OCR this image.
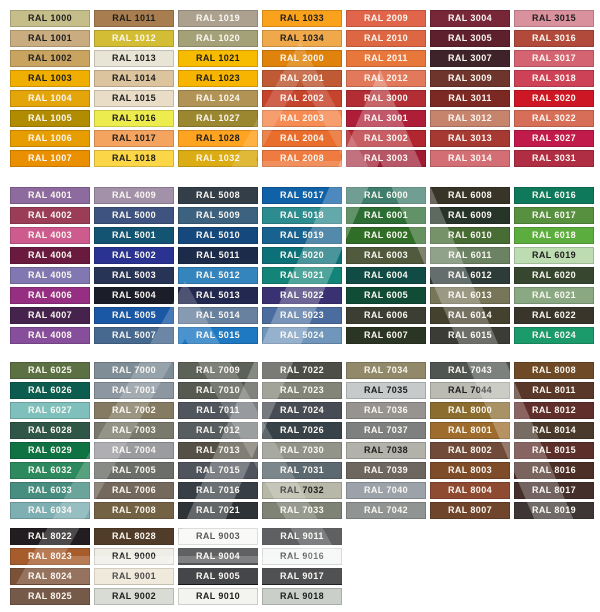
RAL 1000
RAL 1001
RAL 1002
RAL 1003
RAL 1004
RAL 1005
RAL 1006
RAL 1007
RAL 1011
RAL 1012
RAL 1013
RAL 1014
RAL 1015
RAL 1016
RAL 1017
RAL 1018
RAL 1019
RAL 1020
RAL 1021
RAL 1023
RAL 1024
RAL 1027
RAL 1028
RAL 1032
RAL 1033
RAL 1034
RAL 2000
RAL 2001
RAL 2002
RAL 2003
RAL 2004
RAL 2008
RAL 2009
RAL 2010
RAL 2011
RAL 2012
RAL 3000
RAL 3001
RAL 3002
RAL 3003
RAL 3004
RAL 3005
RAL 3007
RAL 3009
RAL 3011
RAL 3012
RAL 3013
RAL 3014
RAL 3015
RAL 3016
RAL 3017
RAL 3018
RAL 3020
RAL 3022
RAL 3027
RAL 3031
RAL 4001
RAL 4002
RAL 4003
RAL 4004
RAL 4005
RAL 4006
RAL 4007
RAL 4008
RAL 4009
RAL 5000
RAL 5001
RAL 5002
RAL 5003
RAL 5004
RAL 5005
RAL 5007
RAL 5008
RAL 5009
RAL 5010
RAL 5011
RAL 5012
RAL 5013
RAL 5014
RAL 5015
RAL 5017
RAL 5018
RAL 5019
RAL 5020
RAL 5021
RAL 5022
RAL 5023
RAL 5024
RAL 6000
RAL 6001
RAL 6002
RAL 6003
RAL 6004
RAL 6005
RAL 6006
RAL 6007
RAL 6008
RAL 6009
RAL 6010
RAL 6011
RAL 6012
RAL 6013
RAL 6014
RAL 6015
RAL 6016
RAL 6017
RAL 6018
RAL 6019
RAL 6020
RAL 6021
RAL 6022
RAL 6024
RAL 6025
RAL 6026
RAL 6027
RAL 6028
RAL 6029
RAL 6032
RAL 6033
RAL 6034
RAL 7000
RAL 7001
RAL 7002
RAL 7003
RAL 7004
RAL 7005
RAL 7006
RAL 7008
RAL 7009
RAL 7010
RAL 7011
RAL 7012
RAL 7013
RAL 7015
RAL 7016
RAL 7021
RAL 7022
RAL 7023
RAL 7024
RAL 7026
RAL 7030
RAL 7031
RAL 7032
RAL 7033
RAL 7034
RAL 7035
RAL 7036
RAL 7037
RAL 7038
RAL 7039
RAL 7040
RAL 7042
RAL 7043
RAL 7044
RAL 8000
RAL 8001
RAL 8002
RAL 8003
RAL 8004
RAL 8007
RAL 8008
RAL 8011
RAL 8012
RAL 8014
RAL 8015
RAL 8016
RAL 8017
RAL 8019
RAL 8022
RAL 8023
RAL 8024
RAL 8025
RAL 8028
RAL 9000
RAL 9001
RAL 9002
RAL 9003
RAL 9004
RAL 9005
RAL 9010
RAL 9011
RAL 9016
RAL 9017
RAL 9018
